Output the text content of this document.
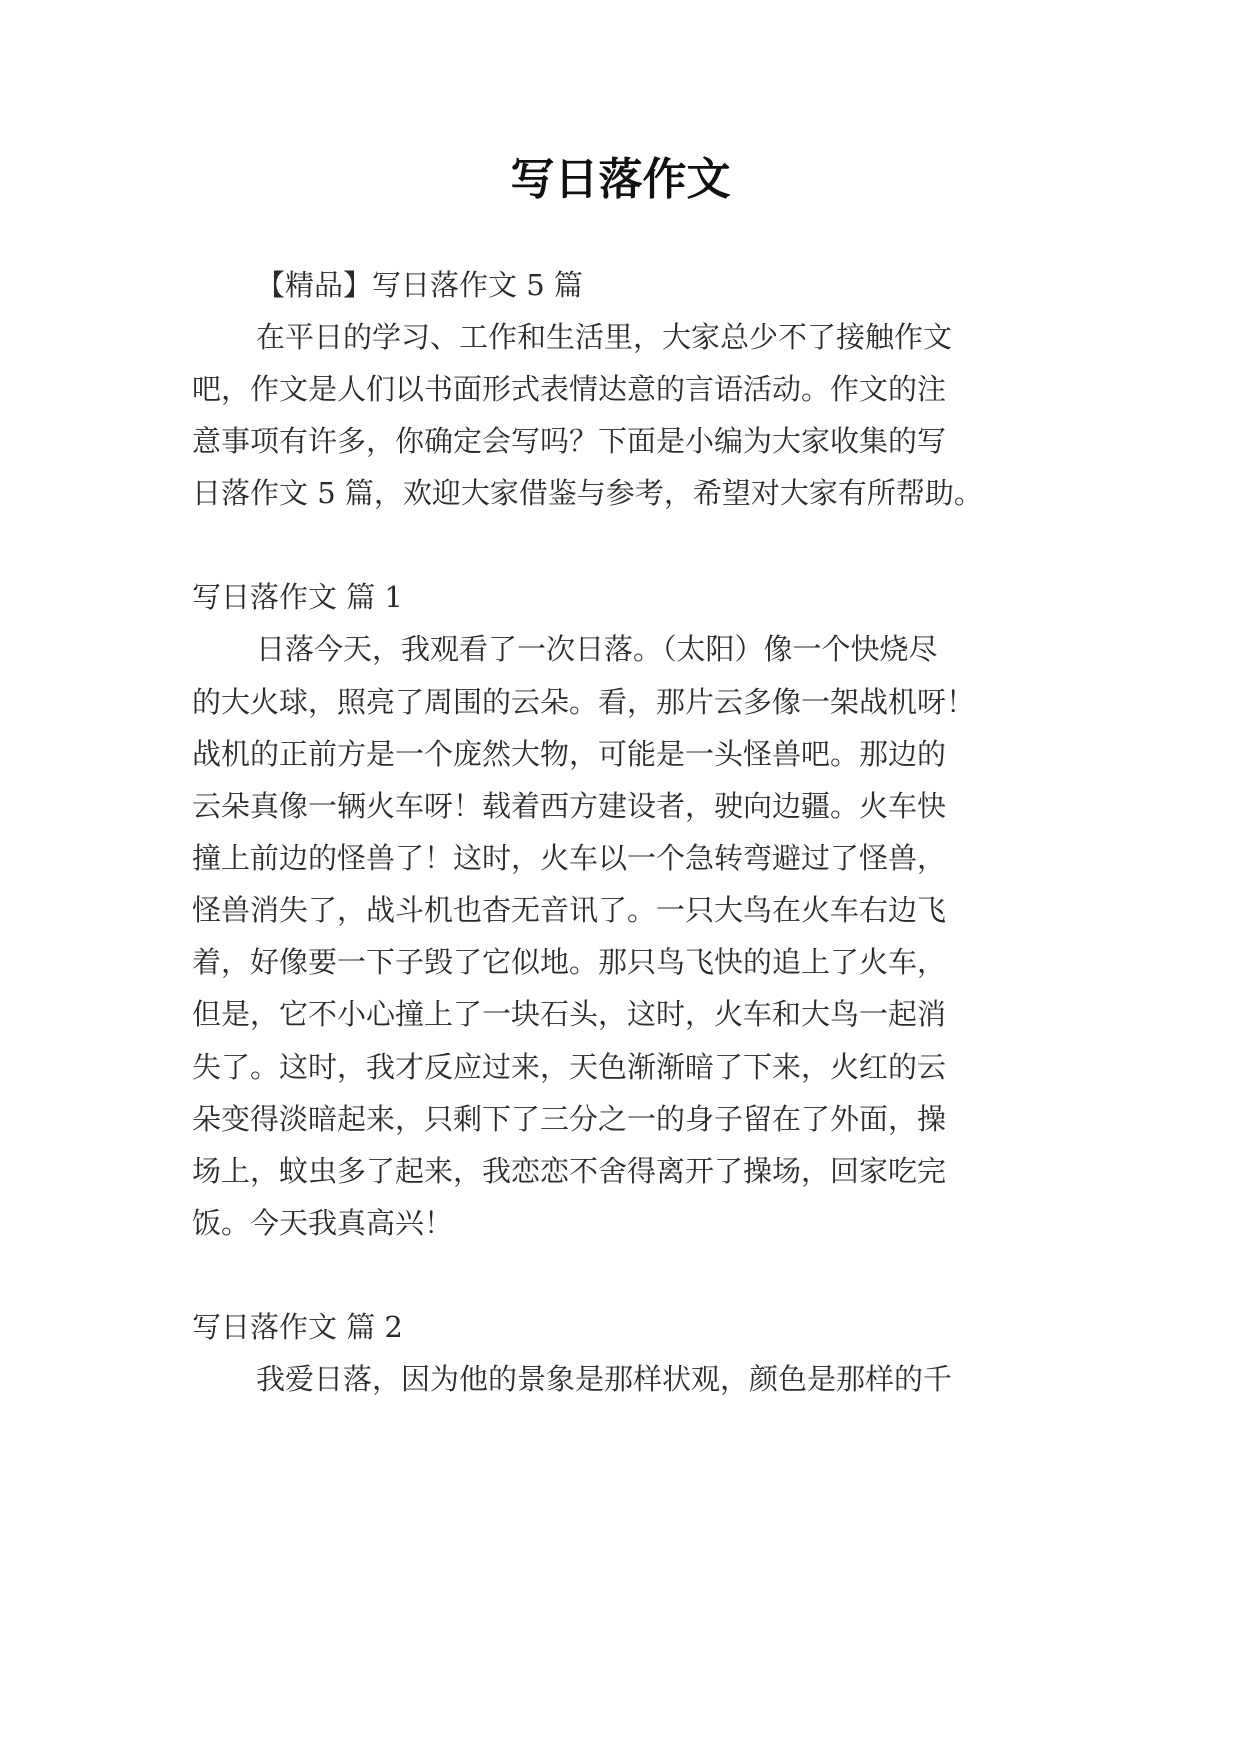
写日落作文
【精品】写日落作文 5 篇
在平日的学习、工作和生活里，大家总少不了接触作文
吧，作文是人们以书面形式表情达意的言语活动。作文的注
意事项有许多，你确定会写吗？下面是小编为大家收集的写
日落作文 5 篇，欢迎大家借鉴与参考，希望对大家有所帮助。
写日落作文 篇 1
日落今天，我观看了一次日落。（太阳）像一个快烧尽
的大火球，照亮了周围的云朵。看，那片云多像一架战机呀！
战机的正前方是一个庞然大物，可能是一头怪兽吧。那边的
云朵真像一辆火车呀！载着西方建设者，驶向边疆。火车快
撞上前边的怪兽了！这时，火车以一个急转弯避过了怪兽，
怪兽消失了，战斗机也杳无音讯了。一只大鸟在火车右边飞
着，好像要一下子毁了它似地。那只鸟飞快的追上了火车，
但是，它不小心撞上了一块石头，这时，火车和大鸟一起消
失了。这时，我才反应过来，天色渐渐暗了下来，火红的云
朵变得淡暗起来，只剩下了三分之一的身子留在了外面，操
场上，蚊虫多了起来，我恋恋不舍得离开了操场，回家吃完
饭。今天我真高兴！
写日落作文 篇 2
我爱日落，因为他的景象是那样状观，颜色是那样的千
